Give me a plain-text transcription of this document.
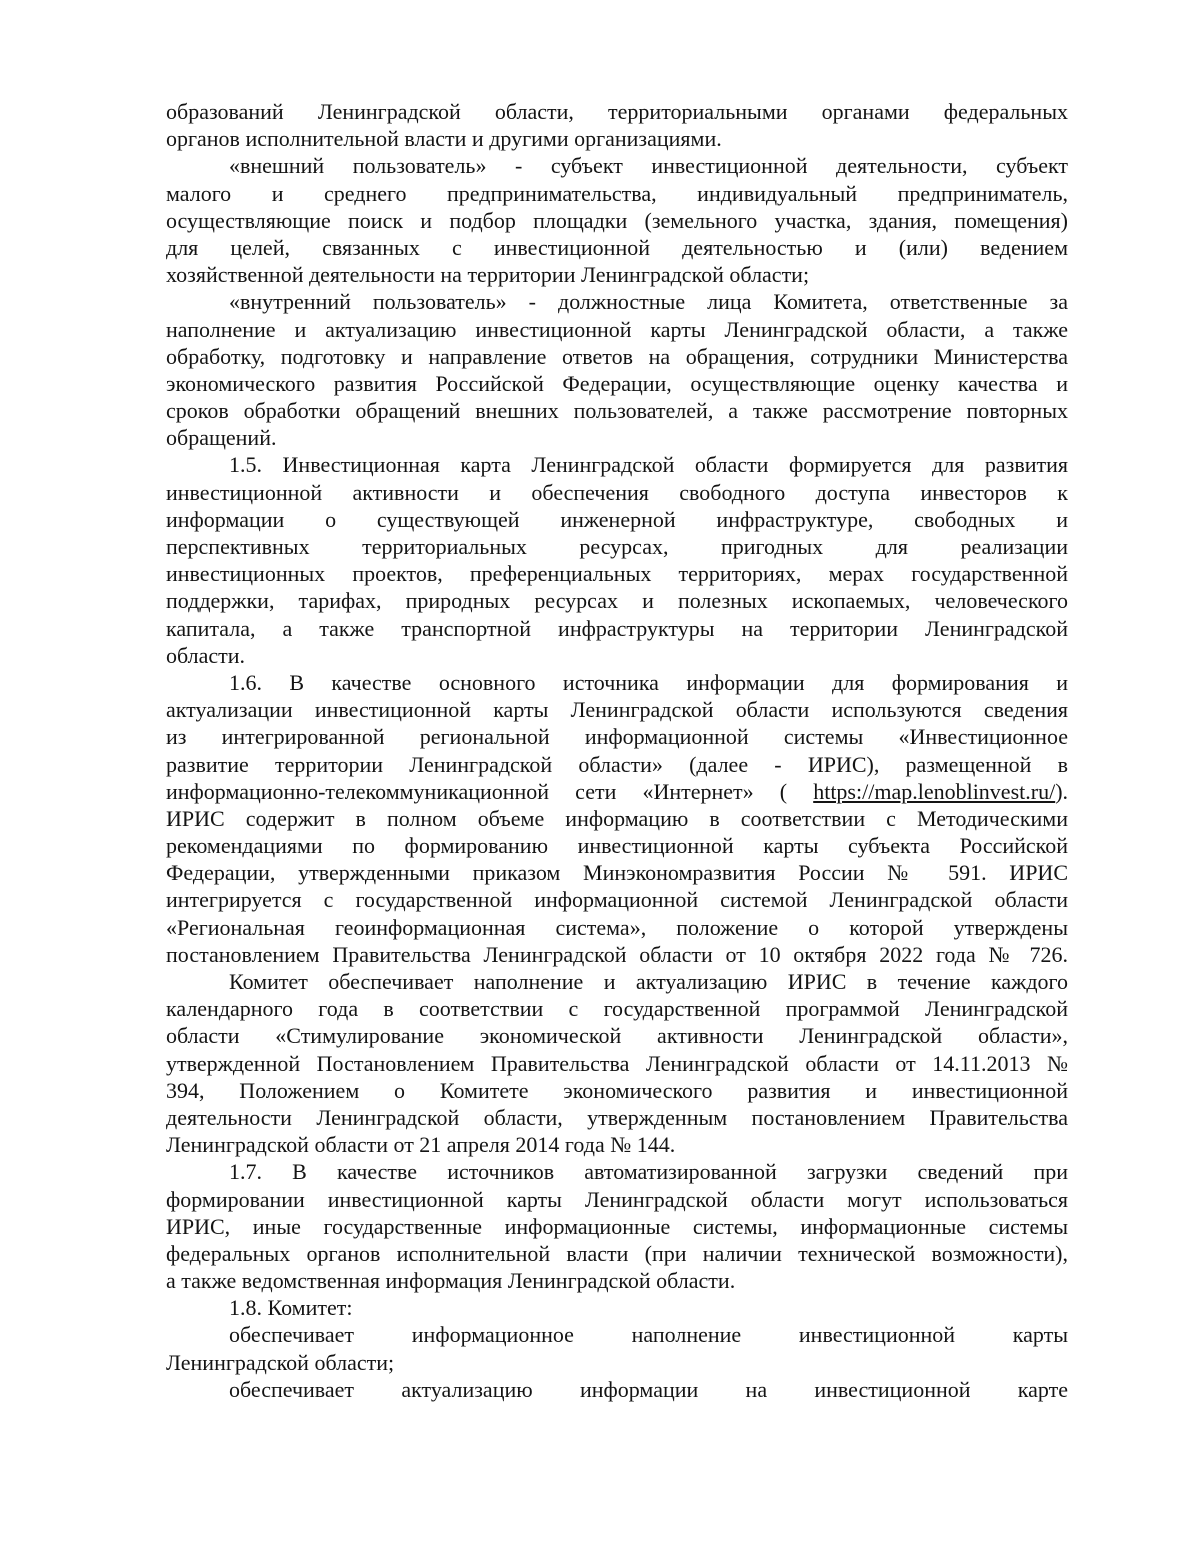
образований Ленинградской области, территориальными органами федеральных
органов исполнительной власти и другими организациями.
«внешний пользователь» - субъект инвестиционной деятельности, субъект
малого и среднего предпринимательства, индивидуальный предприниматель,
осуществляющие поиск и подбор площадки (земельного участка, здания, помещения)
для целей, связанных с инвестиционной деятельностью и (или) ведением
хозяйственной деятельности на территории Ленинградской области;
«внутренний пользователь» - должностные лица Комитета, ответственные за
наполнение и актуализацию инвестиционной карты Ленинградской области, а также
обработку, подготовку и направление ответов на обращения, сотрудники Министерства
экономического развития Российской Федерации, осуществляющие оценку качества и
сроков обработки обращений внешних пользователей, а также рассмотрение повторных
обращений.
1.5. Инвестиционная карта Ленинградской области формируется для развития
инвестиционной активности и обеспечения свободного доступа инвесторов к
информации о существующей инженерной инфраструктуре, свободных и
перспективных территориальных ресурсах, пригодных для реализации
инвестиционных проектов, преференциальных территориях, мерах государственной
поддержки, тарифах, природных ресурсах и полезных ископаемых, человеческого
капитала, а также транспортной инфраструктуры на территории Ленинградской
области.
1.6. В качестве основного источника информации для формирования и
актуализации инвестиционной карты Ленинградской области используются сведения
из интегрированной региональной информационной системы «Инвестиционное
развитие территории Ленинградской области» (далее - ИРИС), размещенной в
информационно-телекоммуникационной сети «Интернет» ( https://map.lenoblinvest.ru/).
ИРИС содержит в полном объеме информацию в соответствии с Методическими
рекомендациями по формированию инвестиционной карты субъекта Российской
Федерации, утвержденными приказом Минэкономразвития России № 591. ИРИС
интегрируется с государственной информационной системой Ленинградской области
«Региональная геоинформационная система», положение о которой утверждены
постановлением Правительства Ленинградской области от 10 октября 2022 года № 726.
Комитет обеспечивает наполнение и актуализацию ИРИС в течение каждого
календарного года в соответствии с государственной программой Ленинградской
области «Стимулирование экономической активности Ленинградской области»,
утвержденной Постановлением Правительства Ленинградской области от 14.11.2013 №
394, Положением о Комитете экономического развития и инвестиционной
деятельности Ленинградской области, утвержденным постановлением Правительства
Ленинградской области от 21 апреля 2014 года № 144.
1.7. В качестве источников автоматизированной загрузки сведений при
формировании инвестиционной карты Ленинградской области могут использоваться
ИРИС, иные государственные информационные системы, информационные системы
федеральных органов исполнительной власти (при наличии технической возможности),
а также ведомственная информация Ленинградской области.
1.8. Комитет:
обеспечивает информационное наполнение инвестиционной карты
Ленинградской области;
обеспечивает актуализацию информации на инвестиционной карте
